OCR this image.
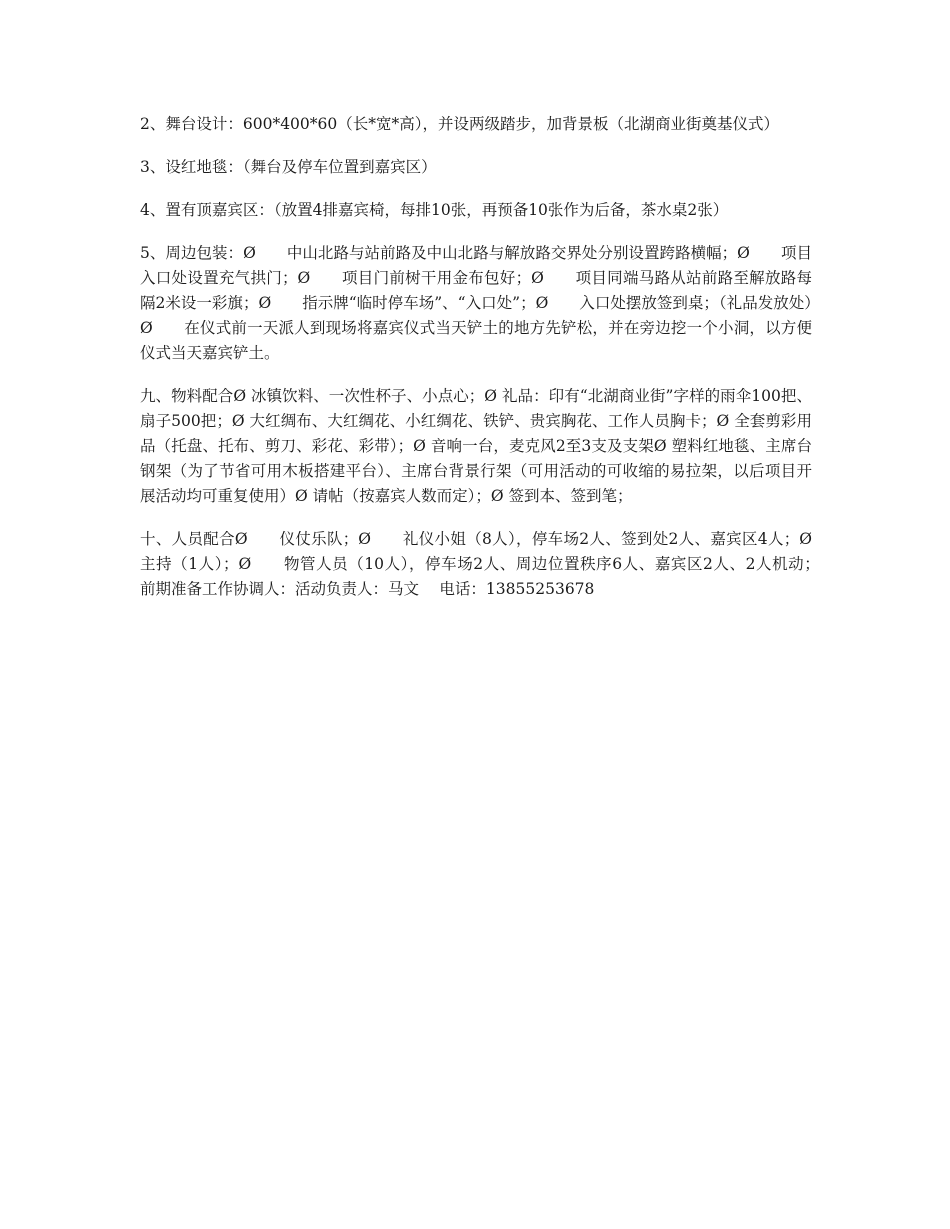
2、舞台设计：600*400*60（长*宽*高），并设两级踏步，加背景板（北湖商业街奠基仪式）

3、设红地毯：（舞台及停车位置到嘉宾区）

4、置有顶嘉宾区：（放置4排嘉宾椅，每排10张，再预备10张作为后备，茶水桌2张）

5、周边包装：Ø　　中山北路与站前路及中山北路与解放路交界处分别设置跨路横幅；Ø　　项目入口处设置充气拱门；Ø　　项目门前树干用金布包好；Ø　　项目同端马路从站前路至解放路每隔2米设一彩旗；Ø　　指示牌“临时停车场”、“入口处”；Ø　　入口处摆放签到桌；（礼品发放处）Ø　　在仪式前一天派人到现场将嘉宾仪式当天铲土的地方先铲松，并在旁边挖一个小洞，以方便仪式当天嘉宾铲土。

九、物料配合Ø 冰镇饮料、一次性杯子、小点心；Ø 礼品：印有“北湖商业街”字样的雨伞100把、扇子500把；Ø 大红绸布、大红绸花、小红绸花、铁铲、贵宾胸花、工作人员胸卡；Ø 全套剪彩用品（托盘、托布、剪刀、彩花、彩带）；Ø 音响一台，麦克风2至3支及支架Ø 塑料红地毯、主席台钢架（为了节省可用木板搭建平台）、主席台背景行架（可用活动的可收缩的易拉架，以后项目开展活动均可重复使用）Ø 请帖（按嘉宾人数而定）；Ø 签到本、签到笔；

十、人员配合Ø　　仪仗乐队；Ø　　礼仪小姐（8人），停车场2人、签到处2人、嘉宾区4人；Ø　　主持（1人）；Ø　　物管人员（10人），停车场2人、周边位置秩序6人、嘉宾区2人、2人机动；　前期准备工作协调人：活动负责人：马文　 电话：13855253678
